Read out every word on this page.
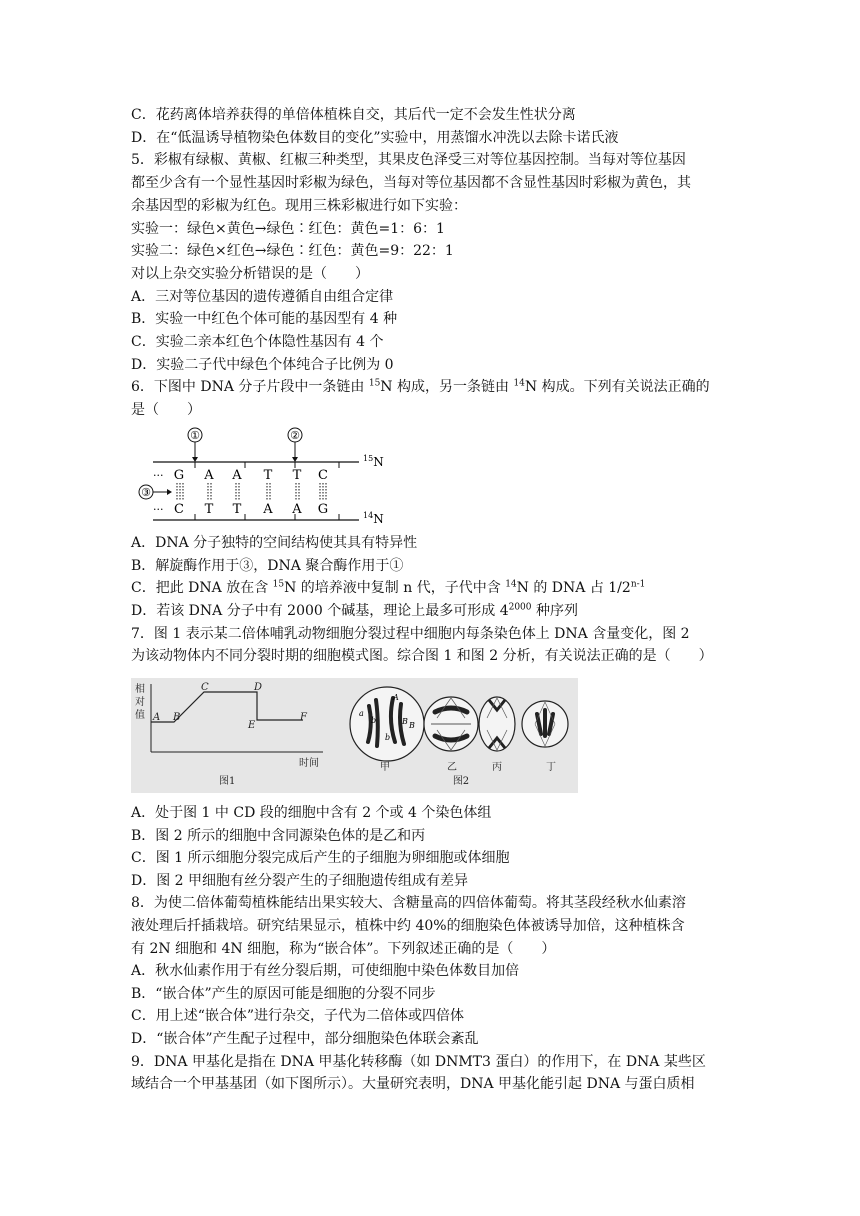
C．花药离体培养获得的单倍体植株自交，其后代一定不会发生性状分离
D．在“低温诱导植物染色体数目的变化”实验中，用蒸馏水冲洗以去除卡诺氏液
5．彩椒有绿椒、黄椒、红椒三种类型，其果皮色泽受三对等位基因控制。当每对等位基因
都至少含有一个显性基因时彩椒为绿色，当每对等位基因都不含显性基因时彩椒为黄色，其
余基因型的彩椒为红色。现用三株彩椒进行如下实验：
实验一：绿色×黄色→绿色∶红色：黄色=1：6：1
实验二：绿色×红色→绿色∶红色：黄色=9：22：1
对以上杂交实验分析错误的是（　　）
A．三对等位基因的遗传遵循自由组合定律
B．实验一中红色个体可能的基因型有 4 种
C．实验二亲本红色个体隐性基因有 4 个
D．实验二子代中绿色个体纯合子比例为 0
6．下图中 DNA 分子片段中一条链由 $^{15}$N 构成，另一条链由 $^{14}$N 构成。下列有关说法正确的
是（　　）
①	②
③
···
···
G A A T T C
C T T A A G
$^{15}$N
$^{14}$N
A．DNA 分子独特的空间结构使其具有特异性
B．解旋酶作用于③，DNA 聚合酶作用于①
C．把此 DNA 放在含 $^{15}$N 的培养液中复制 n 代，子代中含 $^{14}$N 的 DNA 占 1/2$^{n-1}$
D．若该 DNA 分子中有 2000 个碱基，理论上最多可形成 $4^{2000}$ 种序列
7．图 1 表示某二倍体哺乳动物细胞分裂过程中细胞内每条染色体上 DNA 含量变化，图 2
为该动物体内不同分裂时期的细胞模式图。综合图 1 和图 2 分析，有关说法正确的是（　　）
相
对
值 A B
C	D
E
F
时间
图1
A
a
b	B B
b
甲	乙	丙	丁
图2
A．处于图 1 中 CD 段的细胞中含有 2 个或 4 个染色体组
B．图 2 所示的细胞中含同源染色体的是乙和丙
C．图 1 所示细胞分裂完成后产生的子细胞为卵细胞或体细胞
D．图 2 甲细胞有丝分裂产生的子细胞遗传组成有差异
8．为使二倍体葡萄植株能结出果实较大、含糖量高的四倍体葡萄。将其茎段经秋水仙素溶
液处理后扦插栽培。研究结果显示，植株中约 40%的细胞染色体被诱导加倍，这种植株含
有 2N 细胞和 4N 细胞，称为“嵌合体”。下列叙述正确的是（　　）
A．秋水仙素作用于有丝分裂后期，可使细胞中染色体数目加倍
B．“嵌合体”产生的原因可能是细胞的分裂不同步
C．用上述“嵌合体”进行杂交，子代为二倍体或四倍体
D．“嵌合体”产生配子过程中，部分细胞染色体联会紊乱
9．DNA 甲基化是指在 DNA 甲基化转移酶（如 DNMT3 蛋白）的作用下，在 DNA 某些区
域结合一个甲基基团（如下图所示）。大量研究表明，DNA 甲基化能引起 DNA 与蛋白质相
